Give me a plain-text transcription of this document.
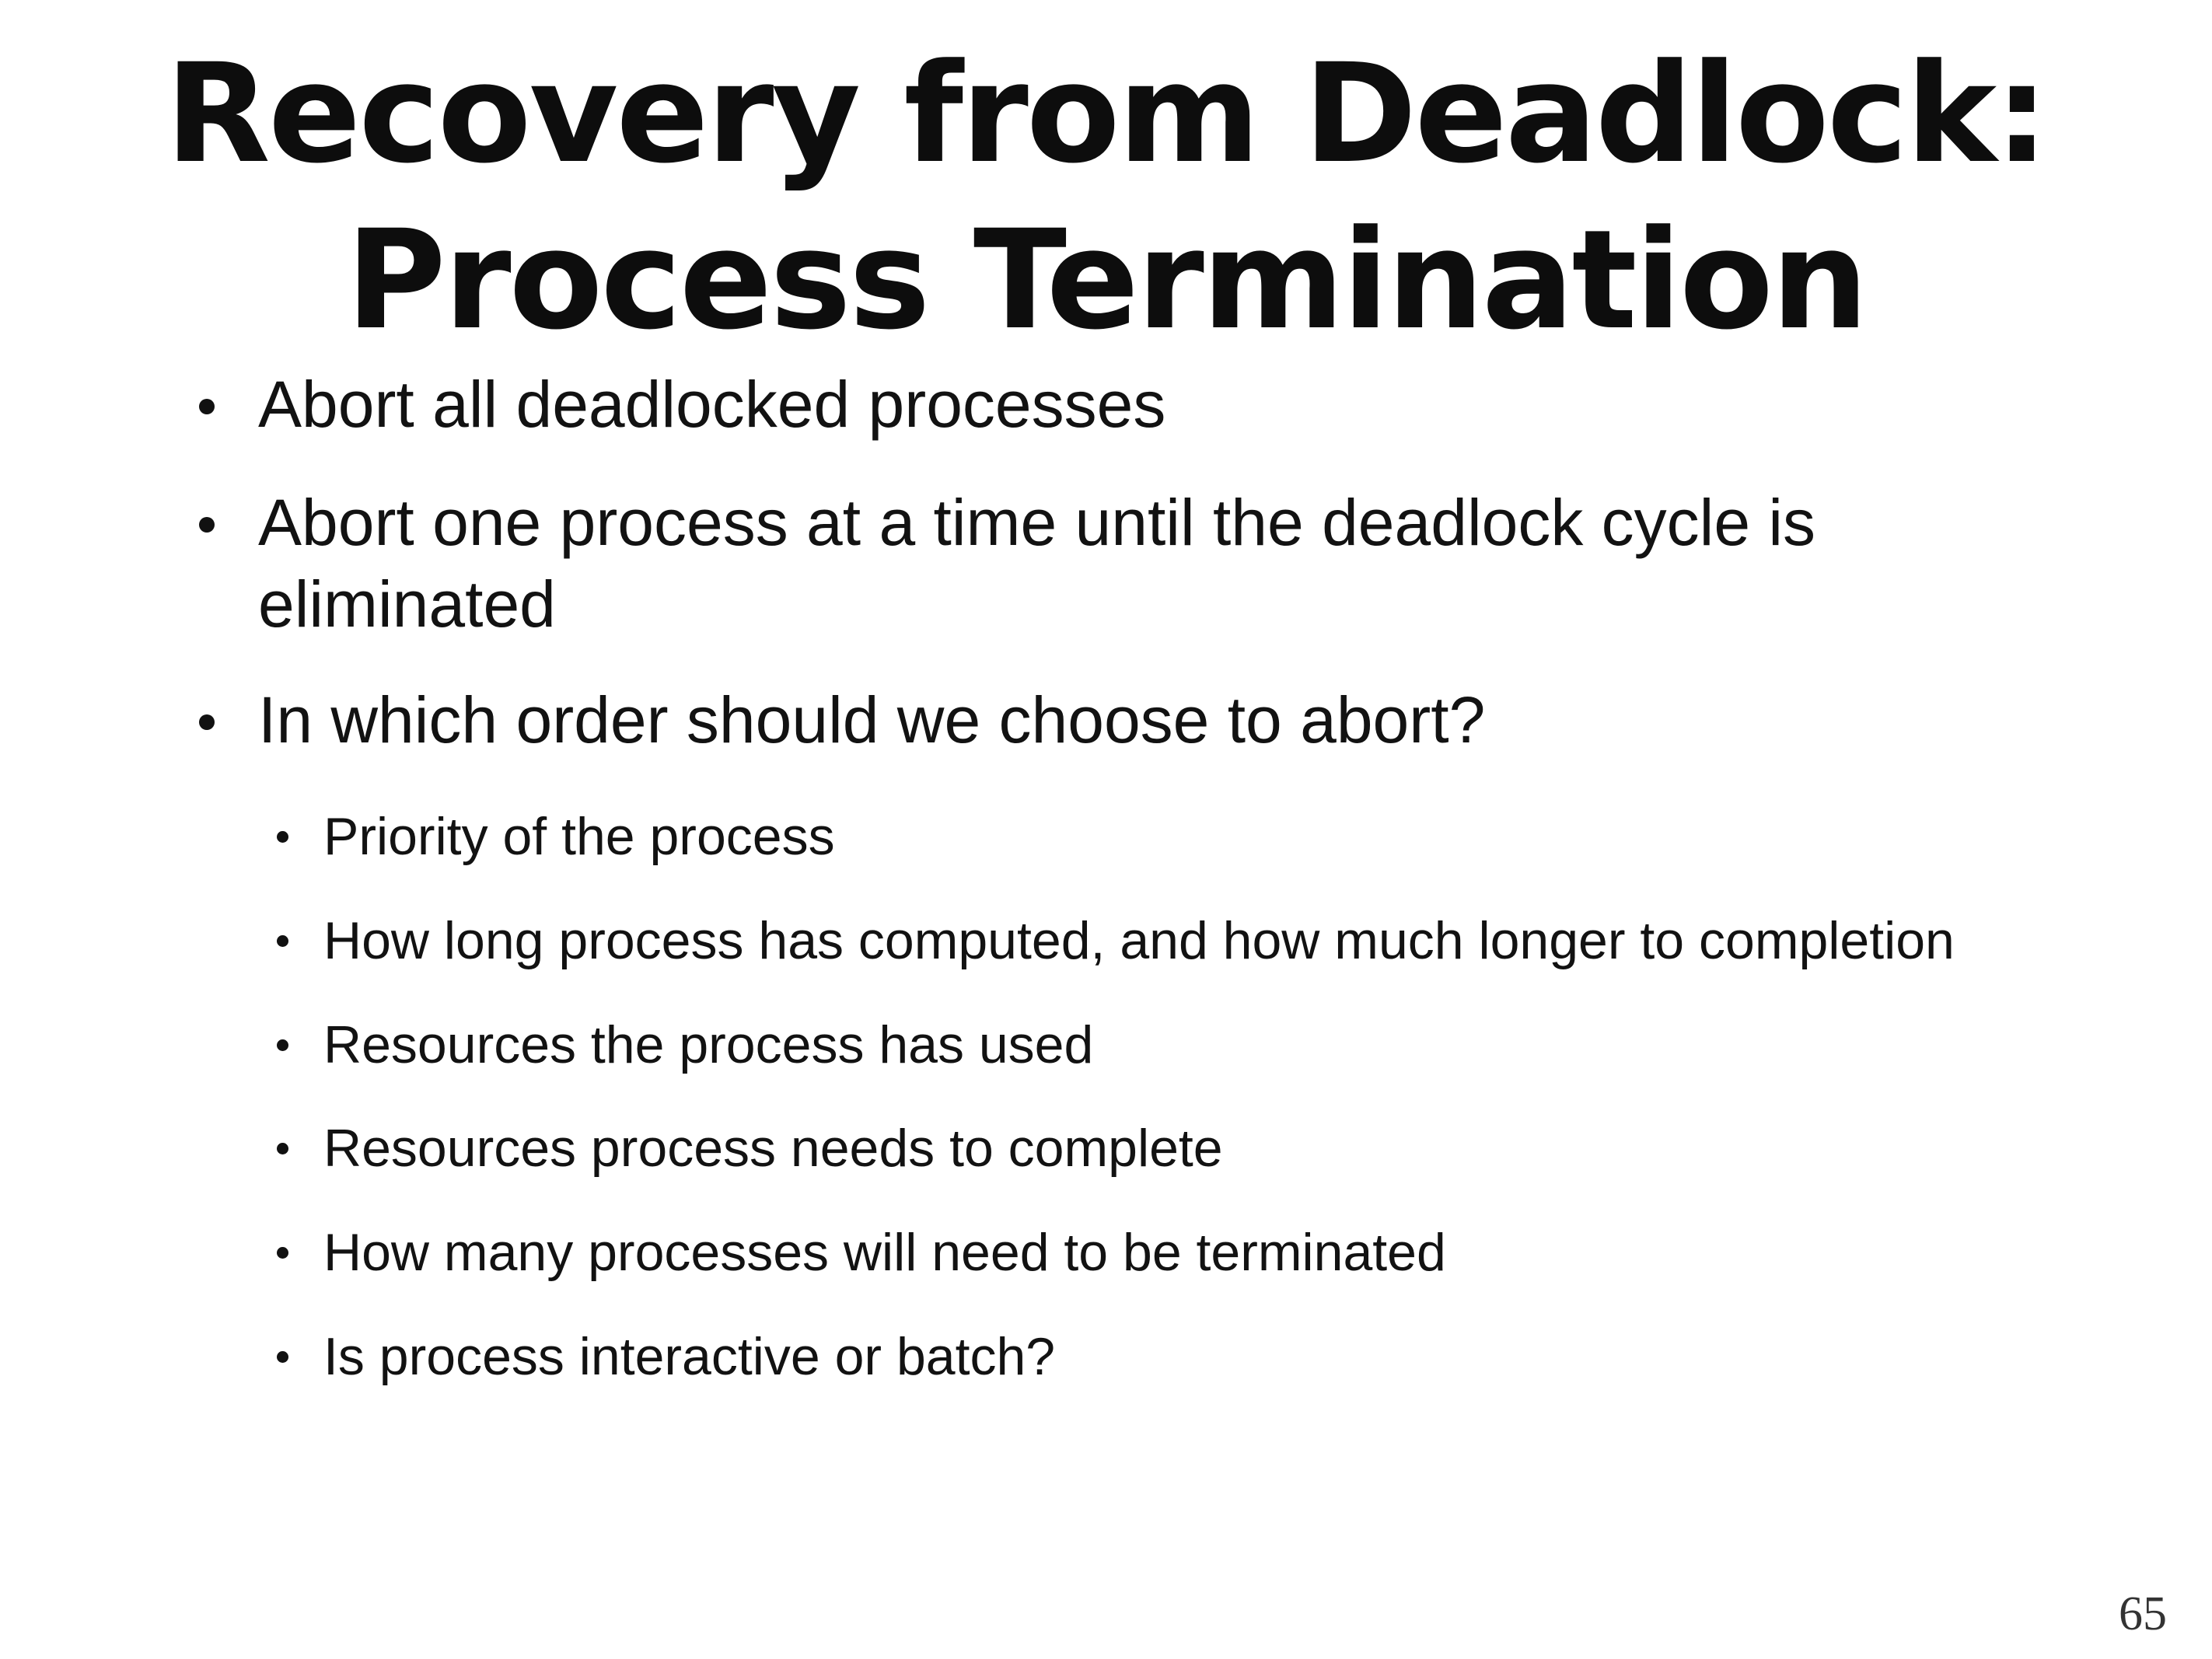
Recovery from Deadlock:
Process Termination
Abort all deadlocked processes
Abort one process at a time until the deadlock cycle is
eliminated
In which order should we choose to abort?
Priority of the process
How long process has computed, and how much longer to completion
Resources the process has used
Resources process needs to complete
How many processes will need to be terminated
Is process interactive or batch?
65
